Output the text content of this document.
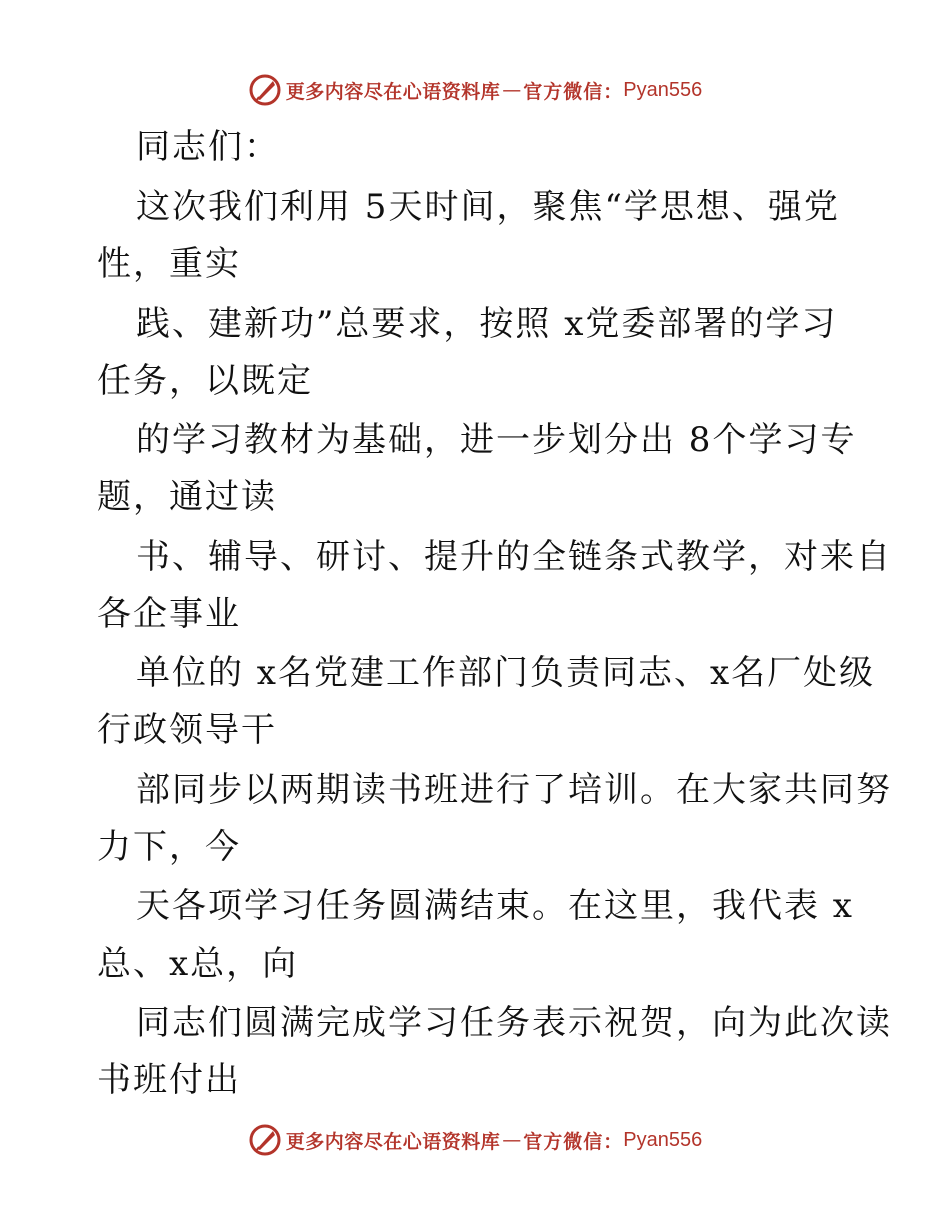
更多内容尽在心语资料库 — 官方微信： Pyan556
同志们：
这次我们利用 5天时间，聚焦“学思想、强党
性，重实
践、建新功”总要求，按照 x党委部署的学习
任务，以既定
的学习教材为基础，进一步划分出 8个学习专
题，通过读
书、辅导、研讨、提升的全链条式教学，对来自
各企事业
单位的 x名党建工作部门负责同志、x名厂处级
行政领导干
部同步以两期读书班进行了培训。在大家共同努
力下，今
天各项学习任务圆满结束。在这里，我代表 x
总、x总，向
同志们圆满完成学习任务表示祝贺，向为此次读
书班付出
更多内容尽在心语资料库 — 官方微信： Pyan556
